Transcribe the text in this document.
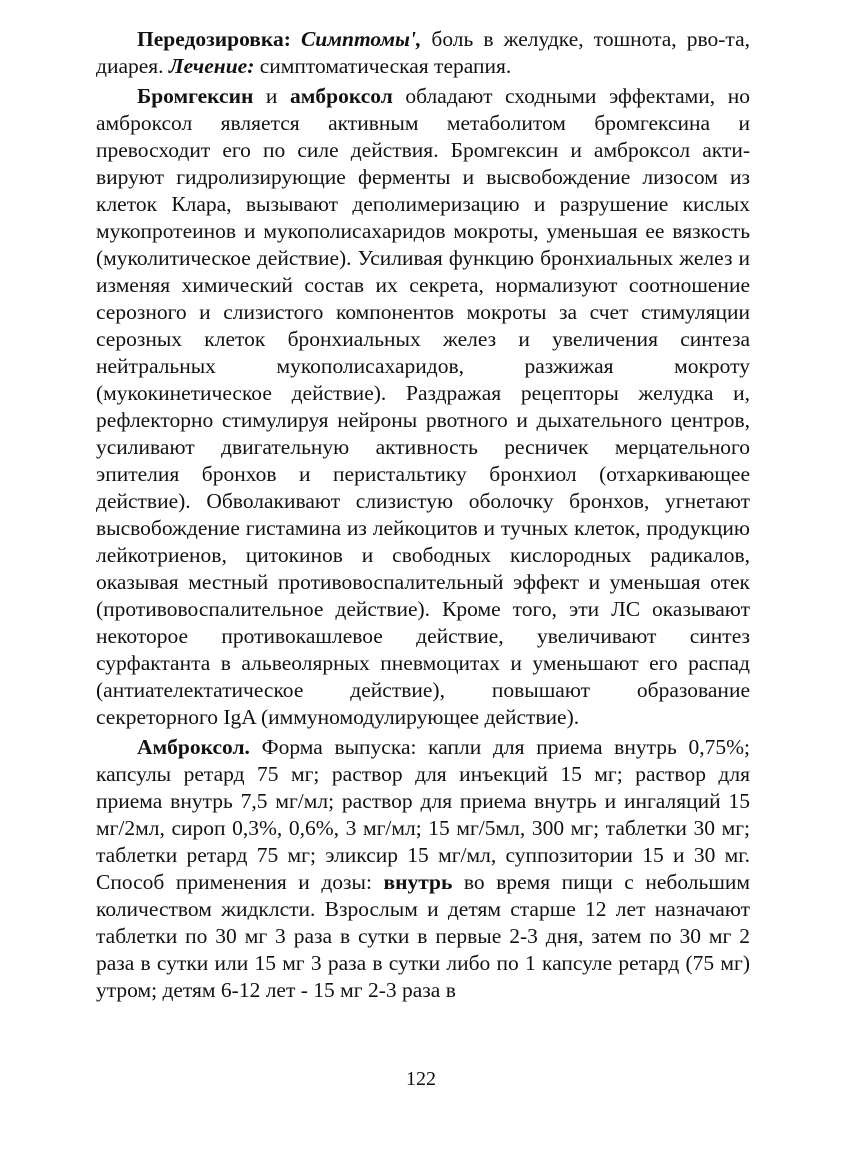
Передозировка: Симптомы', боль в желудке, тошнота, рво-та, диарея. Лечение: симптоматическая терапия.

Бромгексин и амброксол обладают сходными эффектами, но амброксол является активным метаболитом бромгексина и превосходит его по силе действия. Бромгексин и амброксол активируют гидролизирующие ферменты и высвобождение лизосом из клеток Клара, вызывают деполимеризацию и разрушение кислых мукопротеинов и мукополисахаридов мокроты, уменьшая ее вязкость (муколитическое действие). Усиливая функцию бронхиальных желез и изменяя химический состав их секрета, нормализуют соотношение серозного и слизистого компонентов мокроты за счет стимуляции серозных клеток бронхиальных желез и увеличения синтеза нейтральных мукополисахаридов, разжижая мокроту (мукокинетическое действие). Раздражая рецепторы желудка и, рефлекторно стимулируя нейроны рвотного и дыхательного центров, усиливают двигательную активность ресничек мерцательного эпителия бронхов и перистальтику бронхиол (отхаркивающее действие). Обволакивают слизистую оболочку бронхов, угнетают высвобождение гистамина из лейкоцитов и тучных клеток, продукцию лейкотриенов, цитокинов и свободных кислородных радикалов, оказывая местный противовоспалительный эффект и уменьшая отек (противовоспалительное действие). Кроме того, эти ЛС оказывают некоторое противокашлевое действие, увеличивают синтез сурфактанта в альвеолярных пневмоцитах и уменьшают его распад (антиателектатическое действие), повышают образование секреторного IgA (иммуномодулирующее действие).

Амброксол. Форма выпуска: капли для приема внутрь 0,75%; капсулы ретард 75 мг; раствор для инъекций 15 мг; раствор для приема внутрь 7,5 мг/мл; раствор для приема внутрь и ингаляций 15 мг/2мл, сироп 0,3%, 0,6%, 3 мг/мл; 15 мг/5мл, 300 мг; таблетки 30 мг; таблетки ретард 75 мг; эликсир 15 мг/мл, суппозитории 15 и 30 мг. Способ применения и дозы: внутрь во время пищи с небольшим количеством жидклсти. Взрослым и детям старше 12 лет назначают таблетки по 30 мг 3 раза в сутки в первые 2-3 дня, затем по 30 мг 2 раза в сутки или 15 мг 3 раза в сутки либо по 1 капсуле ретард (75 мг) утром; детям 6-12 лет - 15 мг 2-3 раза в

122
